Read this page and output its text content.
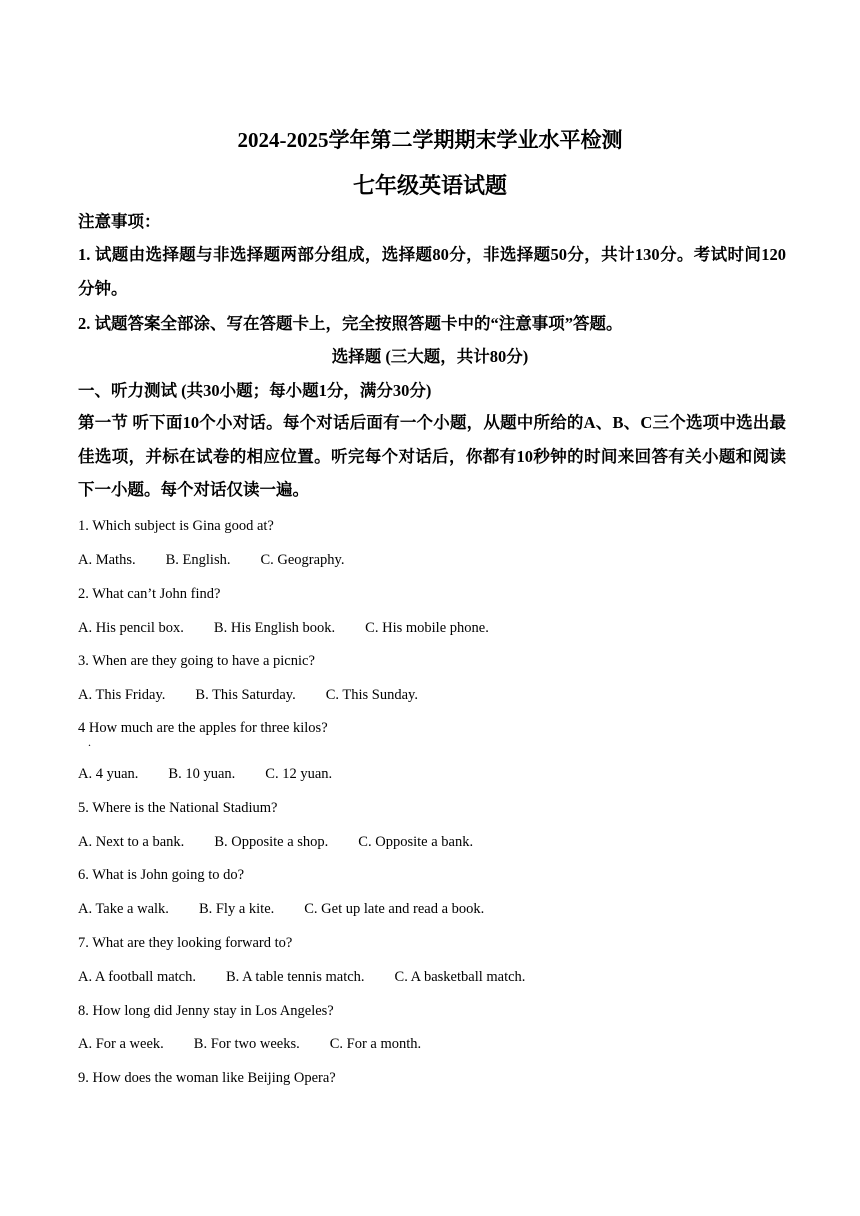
2024-2025学年第二学期期末学业水平检测
七年级英语试题
注意事项：
1. 试题由选择题与非选择题两部分组成，选择题80分，非选择题50分，共计130分。考试时间120分钟。
2. 试题答案全部涂、写在答题卡上，完全按照答题卡中的“注意事项”答题。
选择题 (三大题，共计80分)
一、听力测试 (共30小题；每小题1分，满分30分)
第一节 听下面10个小对话。每个对话后面有一个小题，从题中所给的A、B、C三个选项中选出最佳选项，并标在试卷的相应位置。听完每个对话后，你都有10秒钟的时间来回答有关小题和阅读下一小题。每个对话仅读一遍。
1. Which subject is Gina good at?
A. Maths. B. English. C. Geography.
2. What can’t John find?
A. His pencil box. B. His English book. C. His mobile phone.
3. When are they going to have a picnic?
A. This Friday. B. This Saturday. C. This Sunday.
4 How much are the apples for three kilos?
.
A. 4 yuan. B. 10 yuan. C. 12 yuan.
5. Where is the National Stadium?
A. Next to a bank. B. Opposite a shop. C. Opposite a bank.
6. What is John going to do?
A. Take a walk. B. Fly a kite. C. Get up late and read a book.
7. What are they looking forward to?
A. A football match. B. A table tennis match. C. A basketball match.
8. How long did Jenny stay in Los Angeles?
A. For a week. B. For two weeks. C. For a month.
9. How does the woman like Beijing Opera?
